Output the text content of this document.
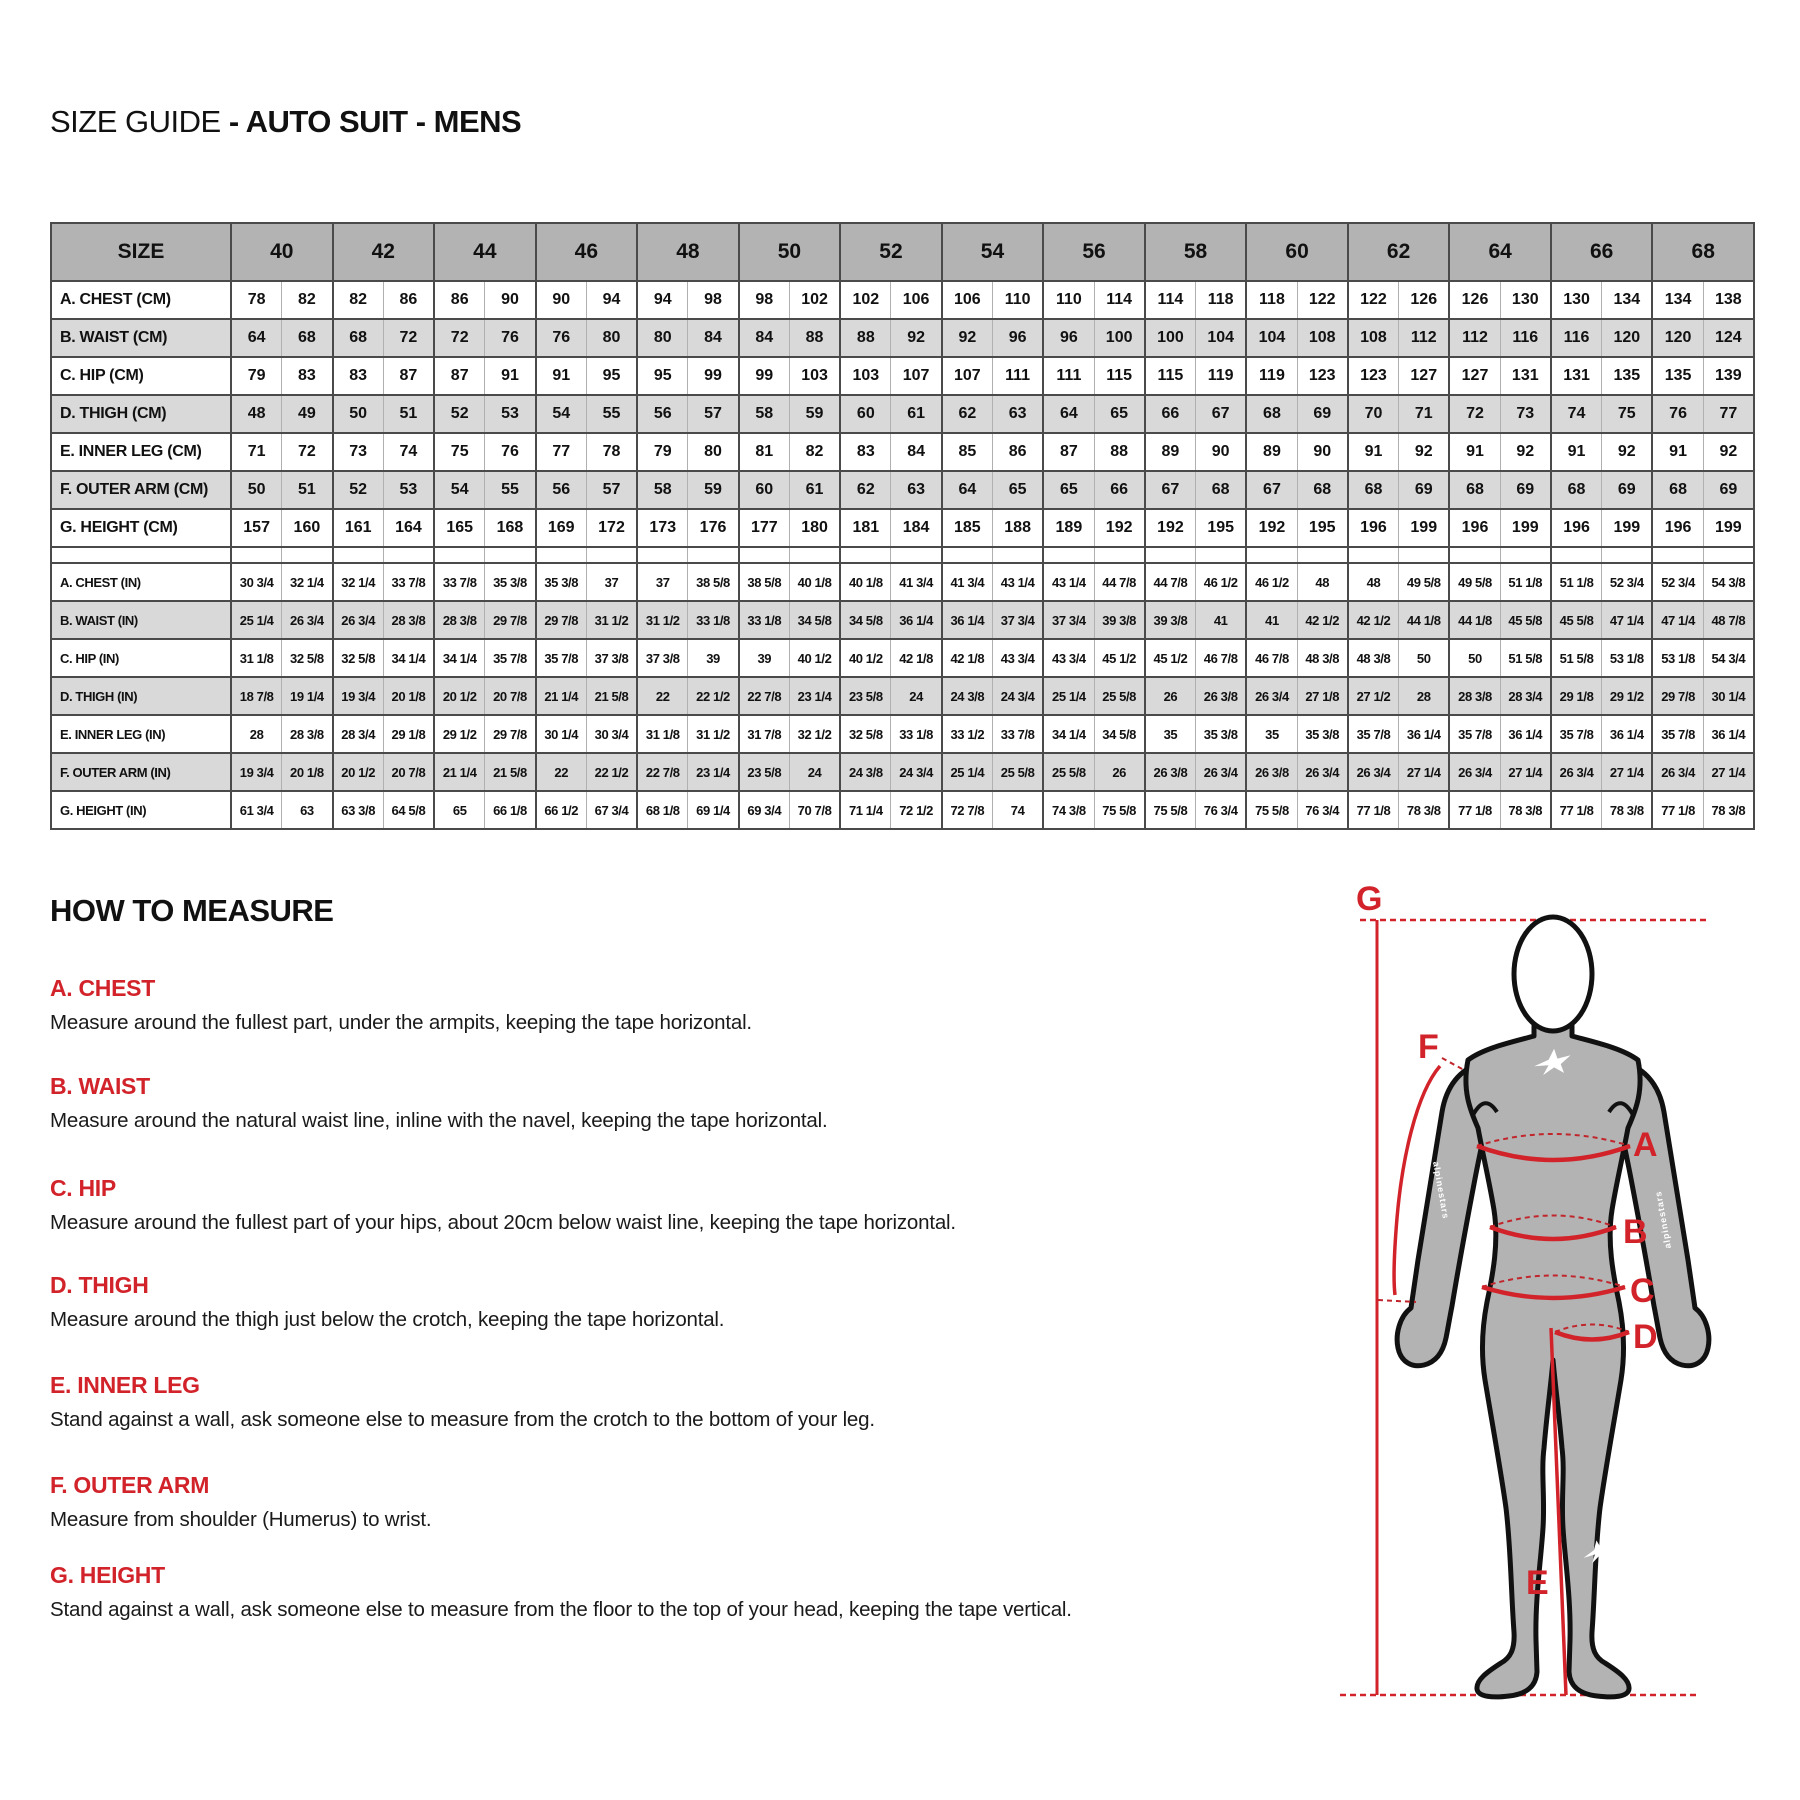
SIZE GUIDE - AUTO SUIT - MENS
SIZE	40		42		44		46		48		50		52		54		56		58		60		62		64		66		68	
A. CHEST (CM)	78	82	82	86	86	90	90	94	94	98	98	102	102	106	106	110	110	114	114	118	118	122	122	126	126	130	130	134	134	138
B. WAIST (CM)	64	68	68	72	72	76	76	80	80	84	84	88	88	92	92	96	96	100	100	104	104	108	108	112	112	116	116	120	120	124
C. HIP (CM)	79	83	83	87	87	91	91	95	95	99	99	103	103	107	107	111	111	115	115	119	119	123	123	127	127	131	131	135	135	139
D. THIGH (CM)	48	49	50	51	52	53	54	55	56	57	58	59	60	61	62	63	64	65	66	67	68	69	70	71	72	73	74	75	76	77
E. INNER LEG (CM)	71	72	73	74	75	76	77	78	79	80	81	82	83	84	85	86	87	88	89	90	89	90	91	92	91	92	91	92	91	92
F. OUTER ARM (CM)	50	51	52	53	54	55	56	57	58	59	60	61	62	63	64	65	65	66	67	68	67	68	68	69	68	69	68	69	68	69
G. HEIGHT (CM)	157	160	161	164	165	168	169	172	173	176	177	180	181	184	185	188	189	192	192	195	192	195	196	199	196	199	196	199	196	199

A. CHEST (IN)	30 3/4	32 1/4	32 1/4	33 7/8	33 7/8	35 3/8	35 3/8	37	37	38 5/8	38 5/8	40 1/8	40 1/8	41 3/4	41 3/4	43 1/4	43 1/4	44 7/8	44 7/8	46 1/2	46 1/2	48	48	49 5/8	49 5/8	51 1/8	51 1/8	52 3/4	52 3/4	54 3/8
B. WAIST (IN)	25 1/4	26 3/4	26 3/4	28 3/8	28 3/8	29 7/8	29 7/8	31 1/2	31 1/2	33 1/8	33 1/8	34 5/8	34 5/8	36 1/4	36 1/4	37 3/4	37 3/4	39 3/8	39 3/8	41	41	42 1/2	42 1/2	44 1/8	44 1/8	45 5/8	45 5/8	47 1/4	47 1/4	48 7/8
C. HIP (IN)	31 1/8	32 5/8	32 5/8	34 1/4	34 1/4	35 7/8	35 7/8	37 3/8	37 3/8	39	39	40 1/2	40 1/2	42 1/8	42 1/8	43 3/4	43 3/4	45 1/2	45 1/2	46 7/8	46 7/8	48 3/8	48 3/8	50	50	51 5/8	51 5/8	53 1/8	53 1/8	54 3/4
D. THIGH (IN)	18 7/8	19 1/4	19 3/4	20 1/8	20 1/2	20 7/8	21 1/4	21 5/8	22	22 1/2	22 7/8	23 1/4	23 5/8	24	24 3/8	24 3/4	25 1/4	25 5/8	26	26 3/8	26 3/4	27 1/8	27 1/2	28	28 3/8	28 3/4	29 1/8	29 1/2	29 7/8	30 1/4
E. INNER LEG (IN)	28	28 3/8	28 3/4	29 1/8	29 1/2	29 7/8	30 1/4	30 3/4	31 1/8	31 1/2	31 7/8	32 1/2	32 5/8	33 1/8	33 1/2	33 7/8	34 1/4	34 5/8	35	35 3/8	35	35 3/8	35 7/8	36 1/4	35 7/8	36 1/4	35 7/8	36 1/4	35 7/8	36 1/4
F. OUTER ARM (IN)	19 3/4	20 1/8	20 1/2	20 7/8	21 1/4	21 5/8	22	22 1/2	22 7/8	23 1/4	23 5/8	24	24 3/8	24 3/4	25 1/4	25 5/8	25 5/8	26	26 3/8	26 3/4	26 3/8	26 3/4	26 3/4	27 1/4	26 3/4	27 1/4	26 3/4	27 1/4	26 3/4	27 1/4
G. HEIGHT (IN)	61 3/4	63	63 3/8	64 5/8	65	66 1/8	66 1/2	67 3/4	68 1/8	69 1/4	69 3/4	70 7/8	71 1/4	72 1/2	72 7/8	74	74 3/8	75 5/8	75 5/8	76 3/4	75 5/8	76 3/4	77 1/8	78 3/8	77 1/8	78 3/8	77 1/8	78 3/8	77 1/8	78 3/8
HOW TO MEASURE
A. CHEST

Measure around the fullest part, under the armpits, keeping the tape horizontal.

B. WAIST

Measure around the natural waist line, inline with the navel, keeping the tape horizontal.

C. HIP

Measure around the fullest part of your hips, about 20cm below waist line, keeping the tape horizontal.

D. THIGH

Measure around the thigh just below the crotch, keeping the tape horizontal.

E. INNER LEG

Stand against a wall, ask someone else to measure from the crotch to the bottom of your leg.

F. OUTER ARM

Measure from shoulder (Humerus) to wrist.

G. HEIGHT

Stand against a wall, ask someone else to measure from the floor to the top of your head, keeping the tape vertical.

alpinestars	alpinestars
G
A
B
C
D
E
F
